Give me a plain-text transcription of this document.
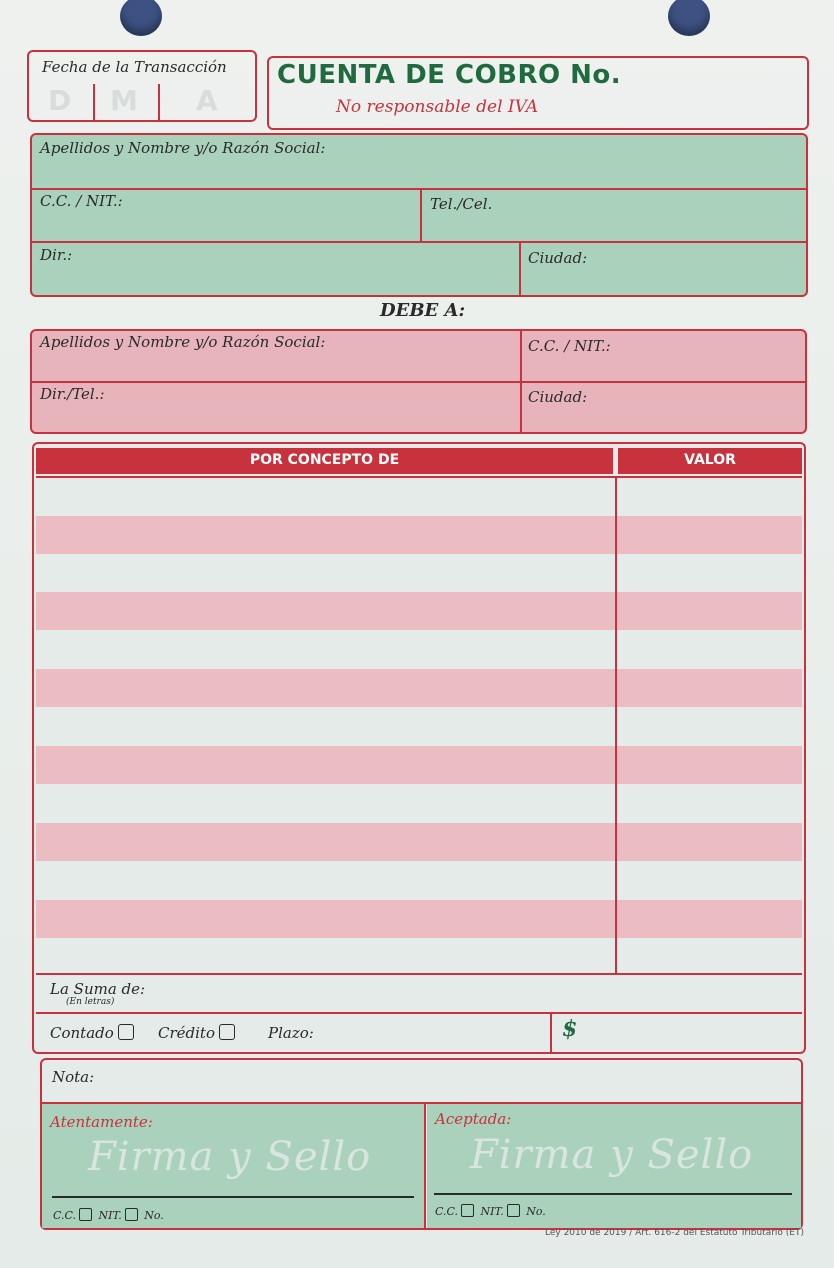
Fecha de la Transacción
D M A
CUENTA DE COBRO No.
No responsable del IVA
Apellidos y Nombre y/o Razón Social:
C.C. / NIT.:	Tel./Cel.
Dir.:	Ciudad:
DEBE A:
Apellidos y Nombre y/o Razón Social:	C.C. / NIT.:
Dir./Tel.:	Ciudad:
POR CONCEPTO DE	VALOR
La Suma de:
(En letras)
Contado	Crédito	Plazo:	$
Nota:
Atentamente:	Aceptada:
Firma y Sello Firma y Sello
C.C. NIT. No.	C.C. NIT. No.
Ley 2010 de 2019 / Art. 616-2 del Estatuto Tributario (ET)
